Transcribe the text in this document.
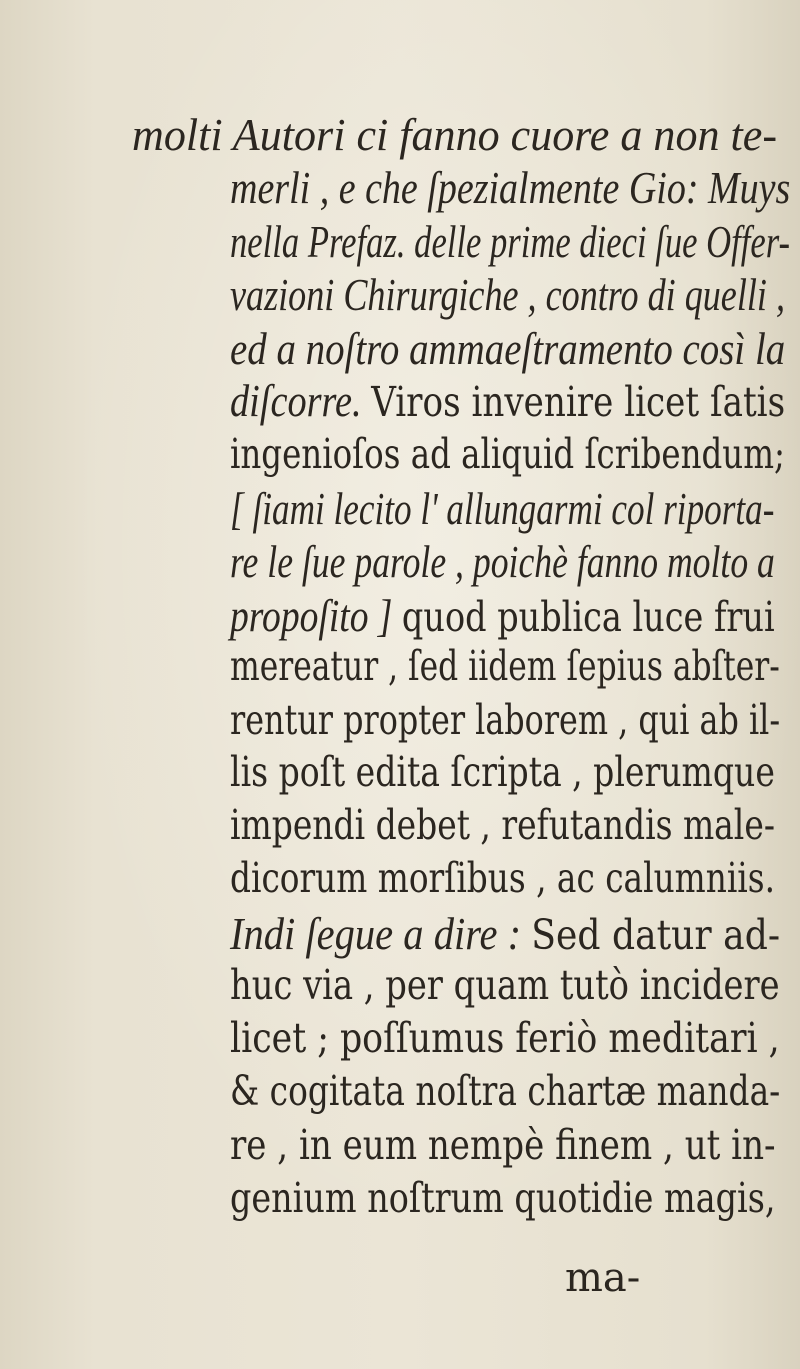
molti Autori ci fanno cuore a non te-
merli , e che ſpezialmente Gio: Muys
nella Prefaz. delle prime dieci ſue Offer-
vazioni Chirurgiche , contro di quelli ,
ed a noſtro ammaeſtramento così la
diſcorre. Viros invenire licet ſatis
ingenioſos ad aliquid ſcribendum;
[ ſiami lecito l' allungarmi col riporta-
re le ſue parole , poichè fanno molto a
propoſito ] quod publica luce frui
mereatur , ſed iidem ſepius abſter-
rentur propter laborem , qui ab il-
lis poſt edita ſcripta , plerumque
impendi debet , refutandis male-
dicorum morſibus , ac calumniis.
Indi ſegue a dire : Sed datur ad-
huc via , per quam tutò incidere
licet ; poſſumus feriò meditari ,
& cogitata noſtra chartæ manda-
re , in eum nempè finem , ut in-
genium noſtrum quotidie magis,
ma-
